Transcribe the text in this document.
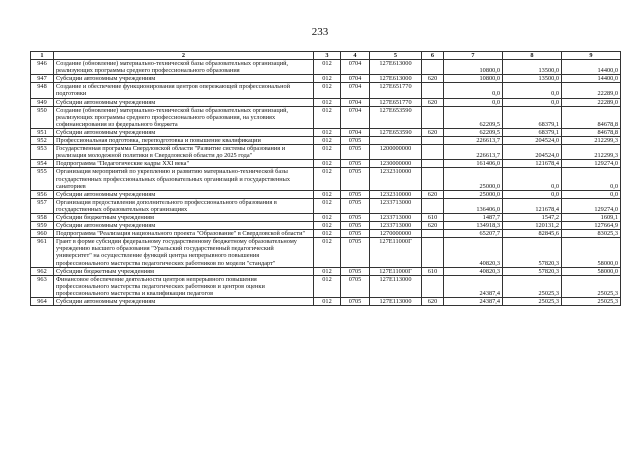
233
1	2	3	4	5	6	7	8	9
946	Создание (обновление) материально-технической базы образовательных организаций, реализующих программы среднего профессионального образования	012	0704	127Е613000		10800,0	13500,0	14400,0
947	Субсидии автономным учреждениям	012	0704	127Е613000	620	10800,0	13500,0	14400,0
948	Создание и обеспечение функционирования центров опережающей профессиональной подготовки	012	0704	127Е651770		0,0	0,0	22289,0
949	Субсидии автономным учреждениям	012	0704	127Е651770	620	0,0	0,0	22289,0
950	Создание (обновление) материально-технической базы образовательных организаций, реализующих программы среднего профессионального образования, на условиях софинансирования из федерального бюджета	012	0704	127Е653590		62209,5	68379,1	84678,8
951	Субсидии автономным учреждениям	012	0704	127Е653590	620	62209,5	68379,1	84678,8
952	Профессиональная подготовка, переподготовка и повышение квалификации	012	0705			226613,7	204524,0	212299,3
953	Государственная программа Свердловской области "Развитие системы образования и реализация молодежной политики в Свердловской области до 2025 года"	012	0705	1200000000		226613,7	204524,0	212299,3
954	Подпрограмма "Педагогические кадры XXI века"	012	0705	1230000000		161406,0	121678,4	129274,0
955	Организация мероприятий по укреплению и развитию материально-технической базы государственных профессиональных образовательных организаций и государственных санаториев	012	0705	1232310000		25000,0	0,0	0,0
956	Субсидии автономным учреждениям	012	0705	1232310000	620	25000,0	0,0	0,0
957	Организация предоставления дополнительного профессионального образования в государственных образовательных организациях	012	0705	1233713000		136406,0	121678,4	129274,0
958	Субсидии бюджетным учреждениям	012	0705	1233713000	610	1487,7	1547,2	1609,1
959	Субсидии автономным учреждениям	012	0705	1233713000	620	134918,3	120131,2	127664,9
960	Подпрограмма "Реализация национального проекта "Образование" в Свердловской области"	012	0705	1270000000		65207,7	82845,6	83025,3
961	Грант в форме субсидии федеральному государственному бюджетному образовательному учреждению высшего образования "Уральский государственный педагогический университет" на осуществление функций центра непрерывного повышения профессионального мастерства педагогических работников по модели "стандарт"	012	0705	127Е11000Г		40820,3	57820,3	58000,0
962	Субсидии бюджетным учреждениям	012	0705	127Е11000Г	610	40820,3	57820,3	58000,0
963	Финансовое обеспечение деятельности центров непрерывного повышения профессионального мастерства педагогических работников и центров оценки профессионального мастерства и квалификации педагогов	012	0705	127Е113000		24387,4	25025,3	25025,3
964	Субсидии автономным учреждениям	012	0705	127Е113000	620	24387,4	25025,3	25025,3
